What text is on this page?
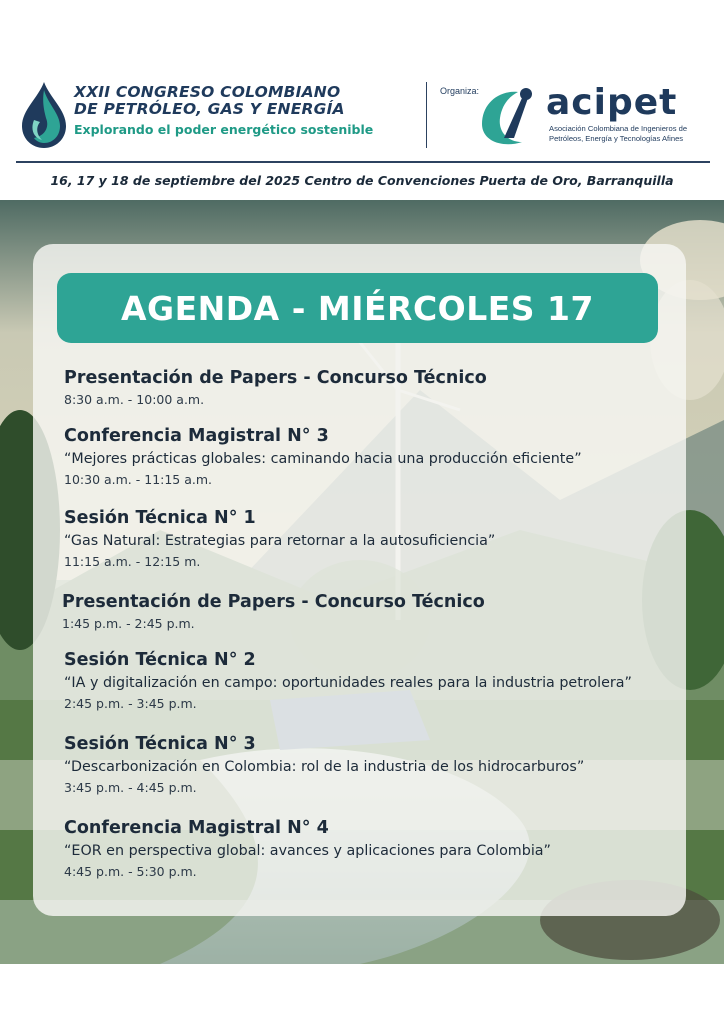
XXII CONGRESO COLOMBIANO
DE PETRÓLEO, GAS Y ENERGÍA
Explorando el poder energético sostenible
Organiza: acipet
Asociación Colombiana de Ingenieros de Petróleos, Energía y Tecnologías Afines
16, 17 y 18 de septiembre del 2025 Centro de Convenciones Puerta de Oro, Barranquilla
AGENDA - MIÉRCOLES 17
Presentación de Papers - Concurso Técnico
8:30 a.m. - 10:00 a.m.
Conferencia Magistral N° 3
“Mejores prácticas globales: caminando hacia una producción eficiente”
10:30 a.m. - 11:15 a.m.
Sesión Técnica N° 1
“Gas Natural: Estrategias para retornar a la autosuficiencia”
11:15 a.m. - 12:15 m.
Presentación de Papers - Concurso Técnico
1:45 p.m. - 2:45 p.m.
Sesión Técnica N° 2
“IA y digitalización en campo: oportunidades reales para la industria petrolera”
2:45 p.m. - 3:45 p.m.
Sesión Técnica N° 3
“Descarbonización en Colombia: rol de la industria de los hidrocarburos”
3:45 p.m. - 4:45 p.m.
Conferencia Magistral N° 4
“EOR en perspectiva global: avances y aplicaciones para Colombia”
4:45 p.m. - 5:30 p.m.
